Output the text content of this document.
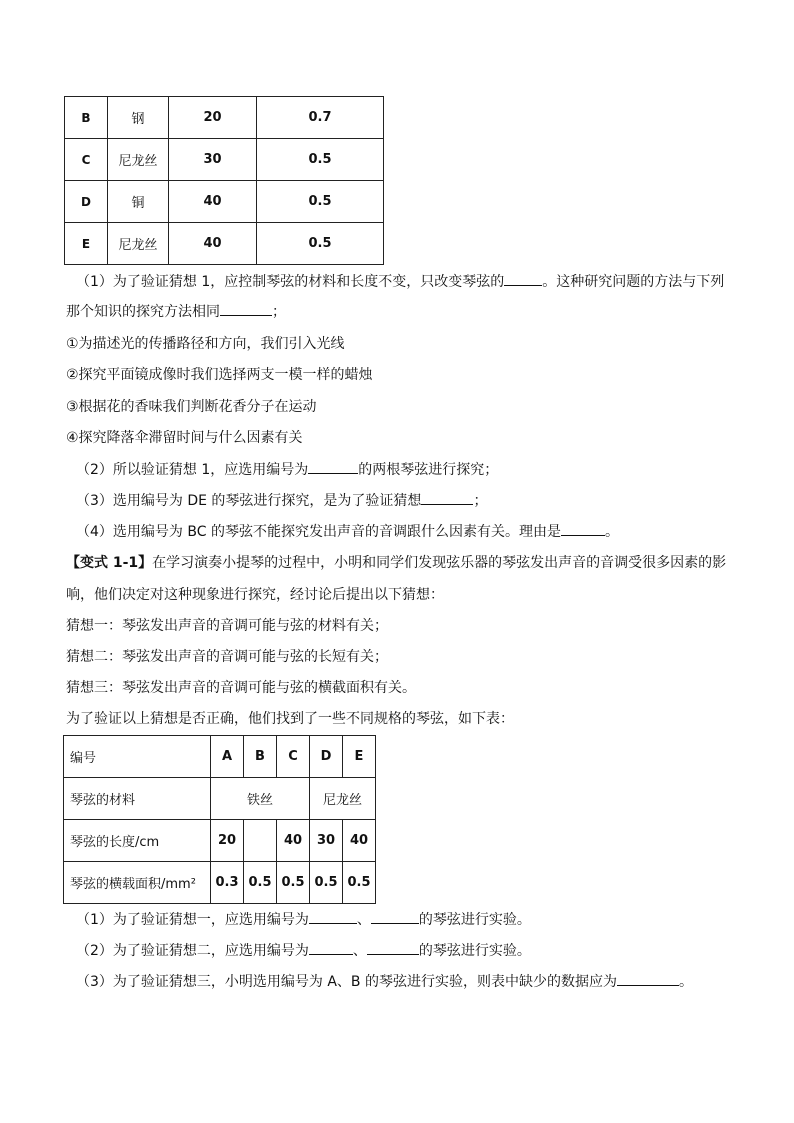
B	钢	20	0.7
C	尼龙丝	30	0.5
D	铜	40	0.5
E	尼龙丝	40	0.5
（1）为了验证猜想 1，应控制琴弦的材料和长度不变，只改变琴弦的	。这种研究问题的方法与下列
那个知识的探究方法相同	；
①为描述光的传播路径和方向，我们引入光线
②探究平面镜成像时我们选择两支一模一样的蜡烛
③根据花的香味我们判断花香分子在运动
④探究降落伞滞留时间与什么因素有关
（2）所以验证猜想 1，应选用编号为	的两根琴弦进行探究；
（3）选用编号为 DE 的琴弦进行探究，是为了验证猜想	；
（4）选用编号为 BC 的琴弦不能探究发出声音的音调跟什么因素有关。理由是	。
【变式 1-1】在学习演奏小提琴的过程中，小明和同学们发现弦乐器的琴弦发出声音的音调受很多因素的影
响，他们决定对这种现象进行探究，经讨论后提出以下猜想：
猜想一：琴弦发出声音的音调可能与弦的材料有关；
猜想二：琴弦发出声音的音调可能与弦的长短有关；
猜想三：琴弦发出声音的音调可能与弦的横截面积有关。
为了验证以上猜想是否正确，他们找到了一些不同规格的琴弦，如下表：
编号	A	B	C	D	E
琴弦的材料	铁丝			尼龙丝	
琴弦的长度/cm	20		40	30	40
琴弦的横载面积/mm²	0.3	0.5	0.5	0.5	0.5
（1）为了验证猜想一，应选用编号为	、	的琴弦进行实验。
（2）为了验证猜想二，应选用编号为	、	的琴弦进行实验。
（3）为了验证猜想三，小明选用编号为 A、B 的琴弦进行实验，则表中缺少的数据应为	。
